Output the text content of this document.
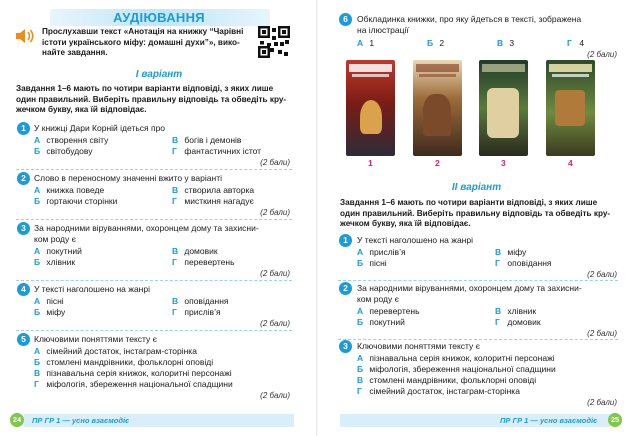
АУДІЮВАННЯ
Прослухавши текст «Анотація на книжку “Чарівні
істоти українського міфу: домашні духи”», вико-
найте завдання.
І варіант
Завдання 1–6 мають по чотири варіанти відповіді, з яких лише
один правильний. Виберіть правильну відповідь та обведіть кру-
жечком букву, яка їй відповідає.
1 У книжці Дари Корній ідеться про
А створення світу	В богів і демонів
Б світобудову	Г фантастичних істот
(2 бали)
2 Слово в переносному значенні вжито у варіанті
А книжка поведе	В створила авторка
Б гортаючи сторінки	Г мисткиня нагадує
(2 бали)
3 За народними віруваннями, охоронцем дому та захисни-
ком роду є
А покутний	В домовик
Б хлівник	Г перевертень
(2 бали)
4 У тексті наголошено на жанрі
А пісні	В оповідання
Б міфу	Г прислів’я
(2 бали)
5 Ключовими поняттями тексту є
А сімейний достаток, інстаграм-сторінка
Б стомлені мандрівники, фольклорні оповіді
В пізнавальна серія книжок, колоритні персонажі
Г міфологія, збереження національної спадщини
(2 бали)
24	ПР ГР 1 — усно взаємодіє
6	Обкладинка книжки, про яку йдеться в тексті, зображена
на ілюстрації
А 1	Б 2	В 3	Г 4
(2 бали)
1	2	3	4
ІІ варіант
Завдання 1–6 мають по чотири варіанти відповіді, з яких лише
один правильний. Виберіть правильну відповідь та обведіть кру-
жечком букву, яка їй відповідає.
1	У тексті наголошено на жанрі
А прислів’я	В міфу
Б пісні	Г оповідання
(2 бали)
2	За народними віруваннями, охоронцем дому та захисни-
ком роду є
А перевертень	В хлівник
Б покутний	Г домовик
(2 бали)
3	Ключовими поняттями тексту є
А пізнавальна серія книжок, колоритні персонажі
Б міфологія, збереження національної спадщини
В стомлені мандрівники, фольклорні оповіді
Г сімейний достаток, інстаграм-сторінка
(2 бали)
ПР ГР 1 — усно взаємодіє	25
